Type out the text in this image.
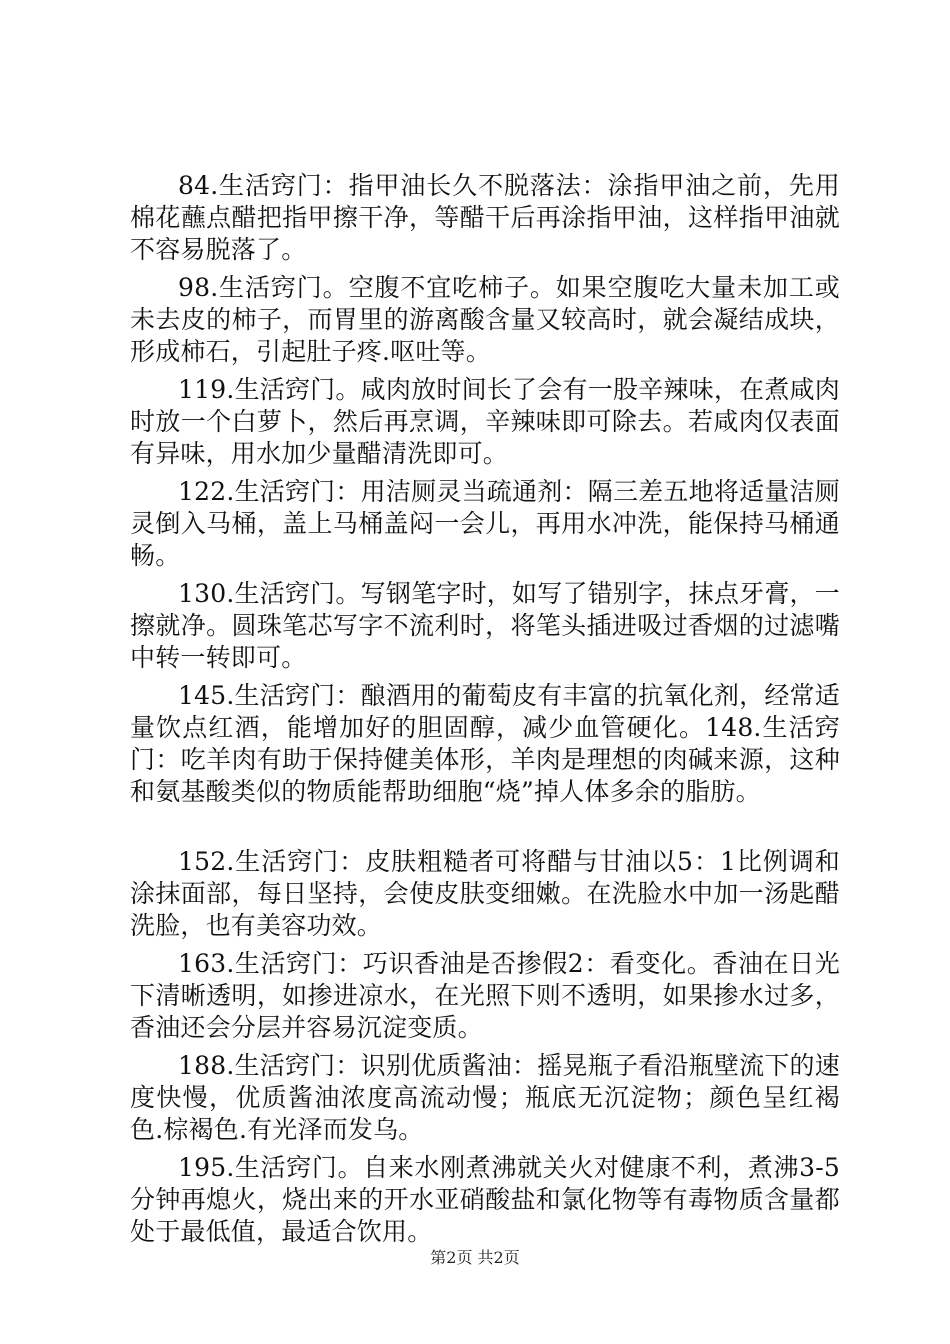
84.生活窍门：指甲油长久不脱落法：涂指甲油之前，先用棉花蘸点醋把指甲擦干净，等醋干后再涂指甲油，这样指甲油就不容易脱落了。

98.生活窍门。空腹不宜吃柿子。如果空腹吃大量未加工或未去皮的柿子，而胃里的游离酸含量又较高时，就会凝结成块，形成柿石，引起肚子疼.呕吐等。

119.生活窍门。咸肉放时间长了会有一股辛辣味，在煮咸肉时放一个白萝卜，然后再烹调，辛辣味即可除去。若咸肉仅表面有异味，用水加少量醋清洗即可。

122.生活窍门：用洁厕灵当疏通剂：隔三差五地将适量洁厕灵倒入马桶，盖上马桶盖闷一会儿，再用水冲洗，能保持马桶通畅。

130.生活窍门。写钢笔字时，如写了错别字，抹点牙膏，一擦就净。圆珠笔芯写字不流利时，将笔头插进吸过香烟的过滤嘴中转一转即可。

145.生活窍门：酿酒用的葡萄皮有丰富的抗氧化剂，经常适量饮点红酒，能增加好的胆固醇，减少血管硬化。148.生活窍门：吃羊肉有助于保持健美体形，羊肉是理想的肉碱来源，这种和氨基酸类似的物质能帮助细胞“烧”掉人体多余的脂肪。

152.生活窍门：皮肤粗糙者可将醋与甘油以5：1比例调和涂抹面部，每日坚持，会使皮肤变细嫩。在洗脸水中加一汤匙醋洗脸，也有美容功效。

163.生活窍门：巧识香油是否掺假2：看变化。香油在日光下清晰透明，如掺进凉水，在光照下则不透明，如果掺水过多，香油还会分层并容易沉淀变质。

188.生活窍门：识别优质酱油：摇晃瓶子看沿瓶壁流下的速度快慢，优质酱油浓度高流动慢；瓶底无沉淀物；颜色呈红褐色.棕褐色.有光泽而发乌。

195.生活窍门。自来水刚煮沸就关火对健康不利，煮沸3-5分钟再熄火，烧出来的开水亚硝酸盐和氯化物等有毒物质含量都处于最低值，最适合饮用。

第2页 共2页
